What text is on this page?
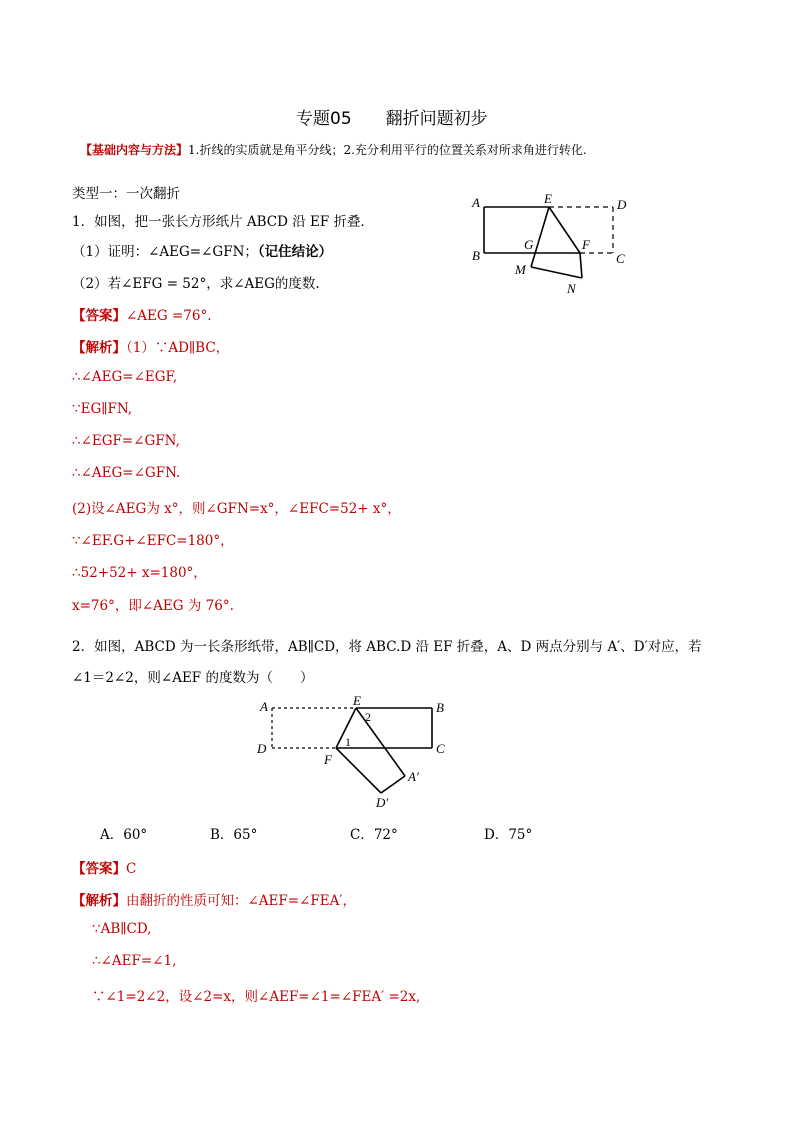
专题05　　翻折问题初步
【基础内容与方法】1.折线的实质就是角平分线；2.充分利用平行的位置关系对所求角进行转化.
类型一：一次翻折
1．如图，把一张长方形纸片 ABCD 沿 EF 折叠．
（1）证明：∠AEG=∠GFN；（记住结论）
（2）若∠EFG = 52°，求∠AEG的度数.
【答案】∠AEG =76°.
【解析】（1）∵AD∥BC，
∴∠AEG=∠EGF,
∵EG∥FN,
∴∠EGF=∠GFN,
∴∠AEG=∠GFN.
(2)设∠AEG为 x°，则∠GFN=x°，∠EFC=52+ x°，
∵∠EF.G+∠EFC=180°，
∴52+52+ x=180°，
x=76°，即∠AEG 为 76°.
A
B	C
D
E
F
G
M
N
2．如图，ABCD 为一长条形纸带，AB∥CD，将 ABC.D 沿 EF 折叠，A、D 两点分别与 A′、D′对应，若
∠1＝2∠2，则∠AEF 的度数为（　　）
A	B
C
D
E
F
A′
D′
1
2
A．60°	B．65°	C．72°	D．75°
【答案】C
【解析】由翻折的性质可知：∠AEF=∠FEA′，
∵AB∥CD,
∴∠AEF=∠1,
∵∠1=2∠2，设∠2=x，则∠AEF=∠1=∠FEA′ =2x,
